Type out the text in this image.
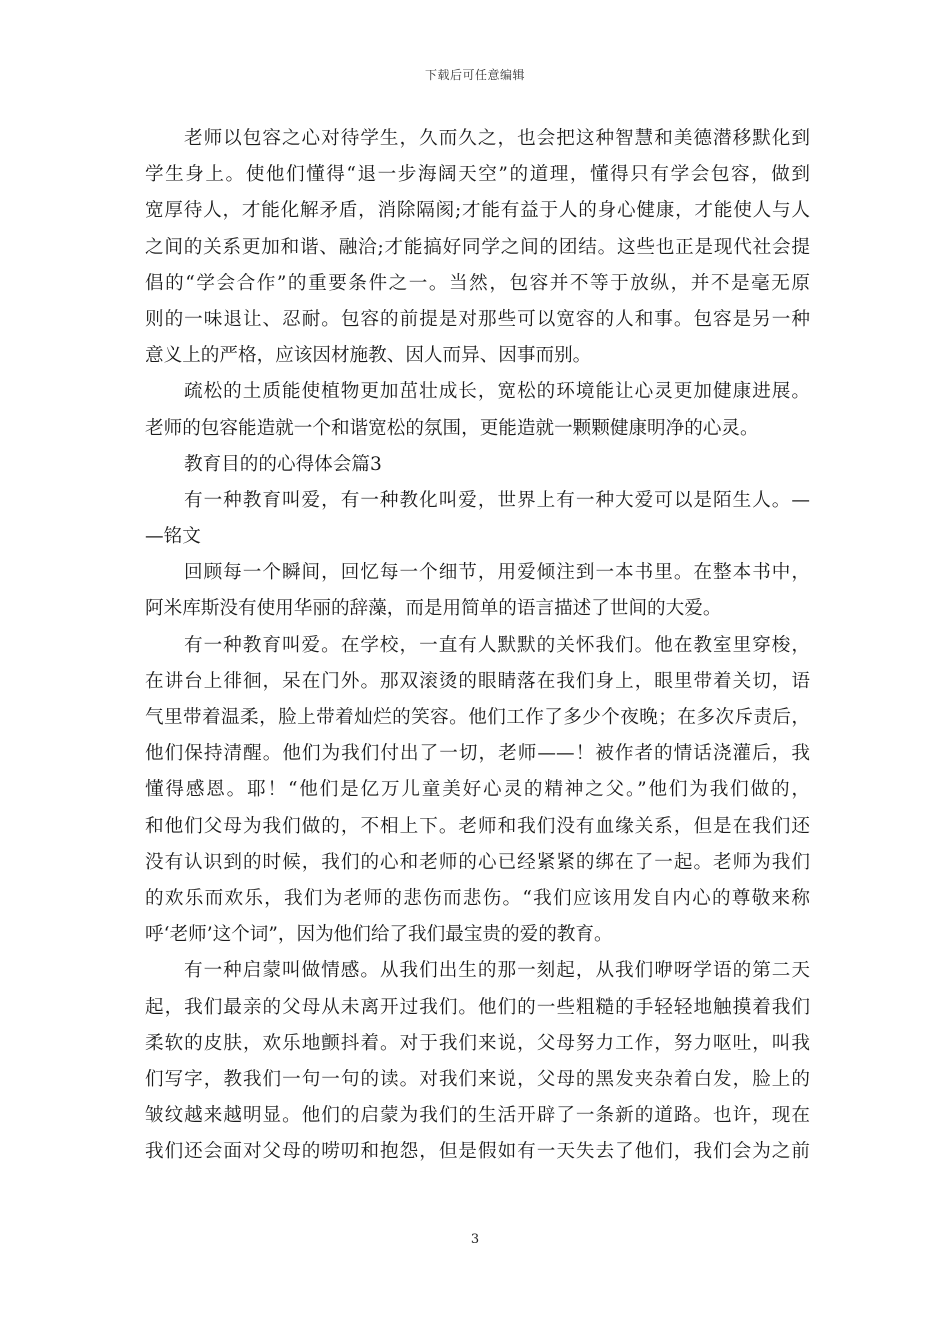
下载后可任意编辑
老师以包容之心对待学生，久而久之，也会把这种智慧和美德潜移默化到
学生身上。使他们懂得“退一步海阔天空”的道理，懂得只有学会包容，做到
宽厚待人，才能化解矛盾，消除隔阂;才能有益于人的身心健康，才能使人与人
之间的关系更加和谐、融洽;才能搞好同学之间的团结。这些也正是现代社会提
倡的“学会合作”的重要条件之一。当然，包容并不等于放纵，并不是毫无原
则的一味退让、忍耐。包容的前提是对那些可以宽容的人和事。包容是另一种
意义上的严格，应该因材施教、因人而异、因事而别。
疏松的土质能使植物更加茁壮成长，宽松的环境能让心灵更加健康进展。
老师的包容能造就一个和谐宽松的氛围，更能造就一颗颗健康明净的心灵。
教育目的的心得体会篇3
有一种教育叫爱，有一种教化叫爱，世界上有一种大爱可以是陌生人。—
—铭文
回顾每一个瞬间，回忆每一个细节，用爱倾注到一本书里。在整本书中，
阿米库斯没有使用华丽的辞藻，而是用简单的语言描述了世间的大爱。
有一种教育叫爱。在学校，一直有人默默的关怀我们。他在教室里穿梭，
在讲台上徘徊，呆在门外。那双滚烫的眼睛落在我们身上，眼里带着关切，语
气里带着温柔，脸上带着灿烂的笑容。他们工作了多少个夜晚；在多次斥责后，
他们保持清醒。他们为我们付出了一切，老师——！被作者的情话浇灌后，我
懂得感恩。耶！“他们是亿万儿童美好心灵的精神之父。”他们为我们做的，
和他们父母为我们做的，不相上下。老师和我们没有血缘关系，但是在我们还
没有认识到的时候，我们的心和老师的心已经紧紧的绑在了一起。老师为我们
的欢乐而欢乐，我们为老师的悲伤而悲伤。“我们应该用发自内心的尊敬来称
呼‘老师’这个词”，因为他们给了我们最宝贵的爱的教育。
有一种启蒙叫做情感。从我们出生的那一刻起，从我们咿呀学语的第二天
起，我们最亲的父母从未离开过我们。他们的一些粗糙的手轻轻地触摸着我们
柔软的皮肤，欢乐地颤抖着。对于我们来说，父母努力工作，努力呕吐，叫我
们写字，教我们一句一句的读。对我们来说，父母的黑发夹杂着白发，脸上的
皱纹越来越明显。他们的启蒙为我们的生活开辟了一条新的道路。也许，现在
我们还会面对父母的唠叨和抱怨，但是假如有一天失去了他们，我们会为之前
3
